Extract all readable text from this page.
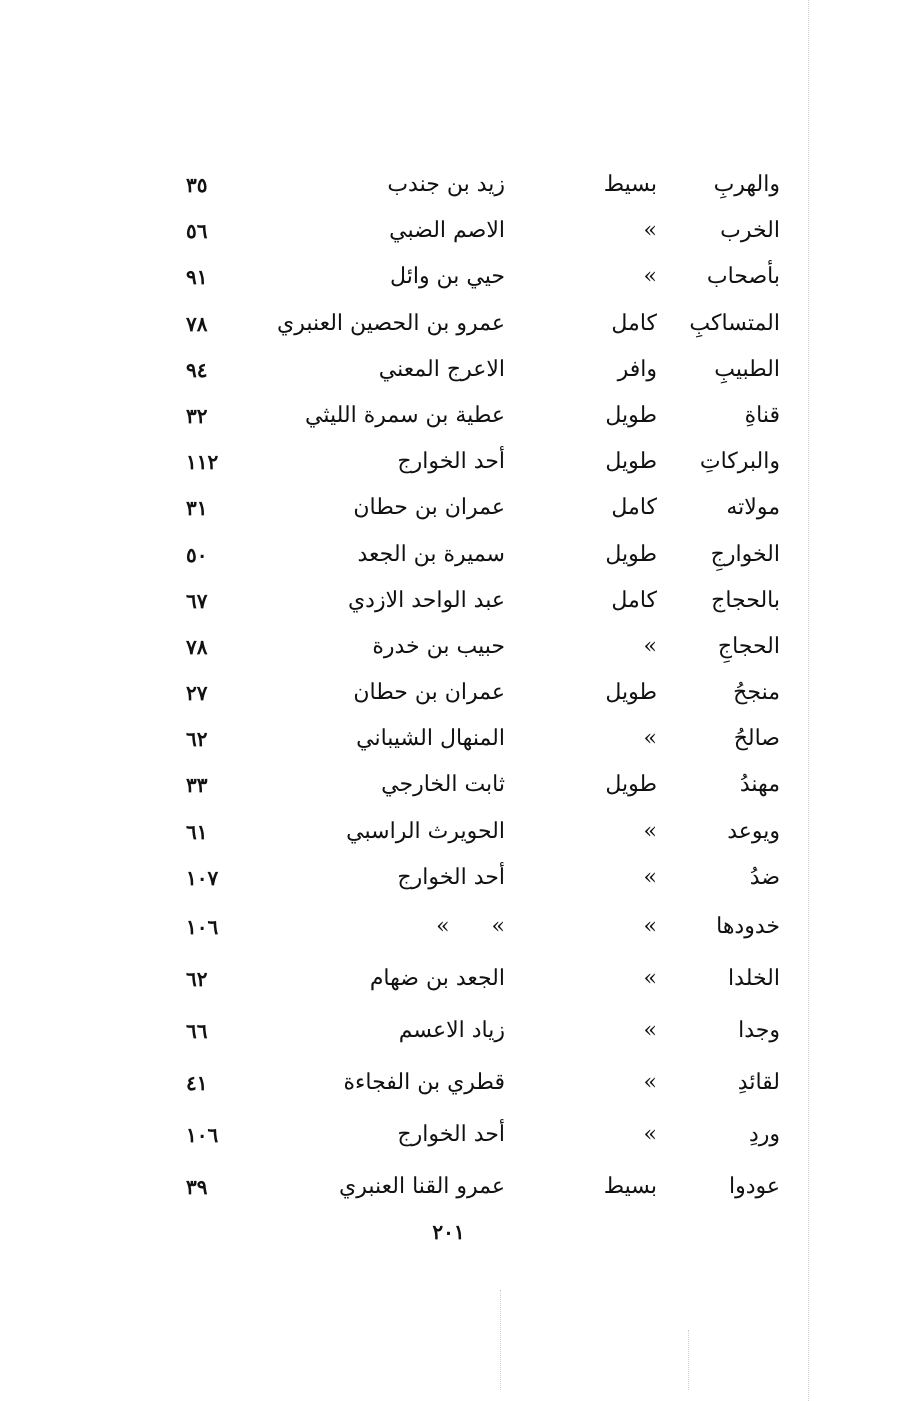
والهربِ
بسيط
زيد بن جندب
٣٥
الخرب
»
الاصم الضبي
٥٦
بأصحاب
»
حيي بن وائل
٩١
المتساكبِ
كامل
عمرو بن الحصين العنبري
٧٨
الطبيبِ
وافر
الاعرج المعني
٩٤
قناةِ
طويل
عطية بن سمرة الليثي
٣٢
والبركاتِ
طويل
أحد الخوارج
١١٢
مولاته
كامل
عمران بن حطان
٣١
الخوارجِ
طويل
سميرة بن الجعد
٥٠
بالحجاج
كامل
عبد الواحد الازدي
٦٧
الحجاجِ
»
حبيب بن خدرة
٧٨
منجحُ
طويل
عمران بن حطان
٢٧
صالحُ
»
المنهال الشيباني
٦٢
مهندُ
طويل
ثابت الخارجي
٣٣
ويوعد
»
الحويرث الراسبي
٦١
ضدُ
»
أحد الخوارج
١٠٧
خدودها
»
»      »
١٠٦
الخلدا
»
الجعد بن ضهام
٦٢
وجدا
»
زياد الاعسم
٦٦
لقائدِ
»
قطري بن الفجاءة
٤١
وردِ
»
أحد الخوارج
١٠٦
عودوا
بسيط
عمرو القنا العنبري
٣٩
٢٠١
